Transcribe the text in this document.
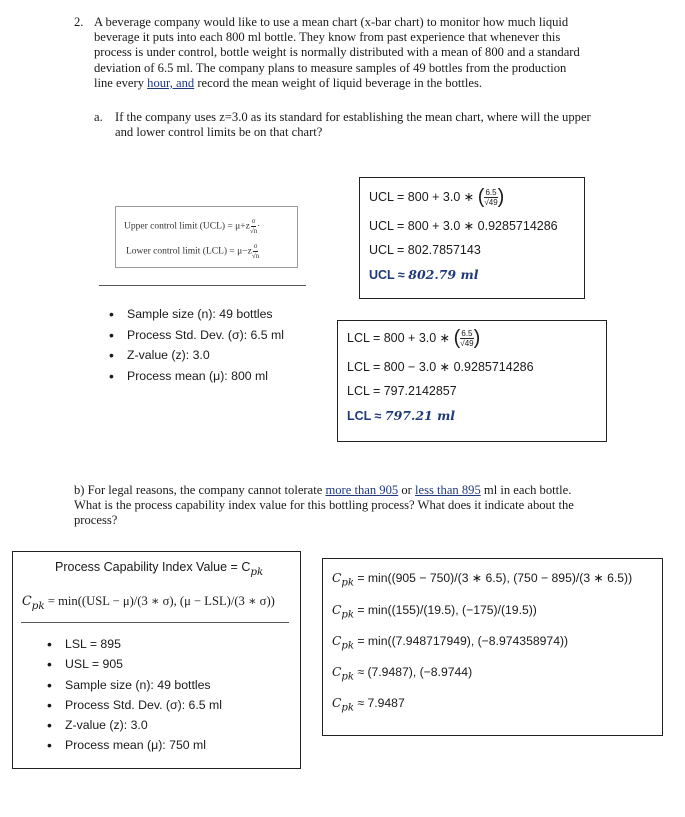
2. A beverage company would like to use a mean chart (x-bar chart) to monitor how much liquid
beverage it puts into each 800 ml bottle. They know from past experience that whenever this
process is under control, bottle weight is normally distributed with a mean of 800 and a standard
deviation of 6.5 ml. The company plans to measure samples of 49 bottles from the production
line every hour, and record the mean weight of liquid beverage in the bottles.
a. If the company uses z=3.0 as its standard for establishing the mean chart, where will the upper
and lower control limits be on that chart?
Upper control limit $(UCL) = \mu+z \frac{\sigma}{√n}$ ·
Lower control limit $(LCL) = \mu-z \frac{\sigma}{√n}$
• Sample size (n): 49 bottles
• Process Std. Dev. (σ): 6.5 ml
• Z-value (z): 3.0
• Process mean (μ): 800 ml
UCL = 800 + 3.0 ∗ ( $\frac{6.5}{√49}$ )
UCL = 800 + 3.0 ∗ 0.9285714286
UCL = 802.7857143
UCL ≈ 802.79 ml
LCL = 800 + 3.0 ∗ ( $\frac{6.5}{√49}$ )
LCL = 800 − 3.0 ∗ 0.9285714286
LCL = 797.2142857
LCL ≈ 797.21 ml
b) For legal reasons, the company cannot tolerate more than 905 or less than 895 ml in each bottle.
What is the process capability index value for this bottling process? What does it indicate about the
process?
Process Capability Index Value = $C_{pk}$
$C_{pk} = \min((USL - \mu)/(3$ ∗ σ), (μ − LSL)/(3 ∗ σ))
• LSL = 895
• USL = 905
• Sample size (n): 49 bottles
• Process Std. Dev. (σ): 6.5 ml
• Z-value (z): 3.0
• Process mean (μ): 750 ml
$C_{pk} = \min((905 - 750)/(3$ ∗ 6.5), (750 − 895)/(3 ∗ 6.5))
$C_{pk} = \min((155)/(19.5)$, (−175)/(19.5))
$C_{pk} = \min((7.948717949)$, (−8.974358974))
$C_{pk} \approx (7.9487)$, (−8.9744)
$C_{pk} \approx 7.9487$
